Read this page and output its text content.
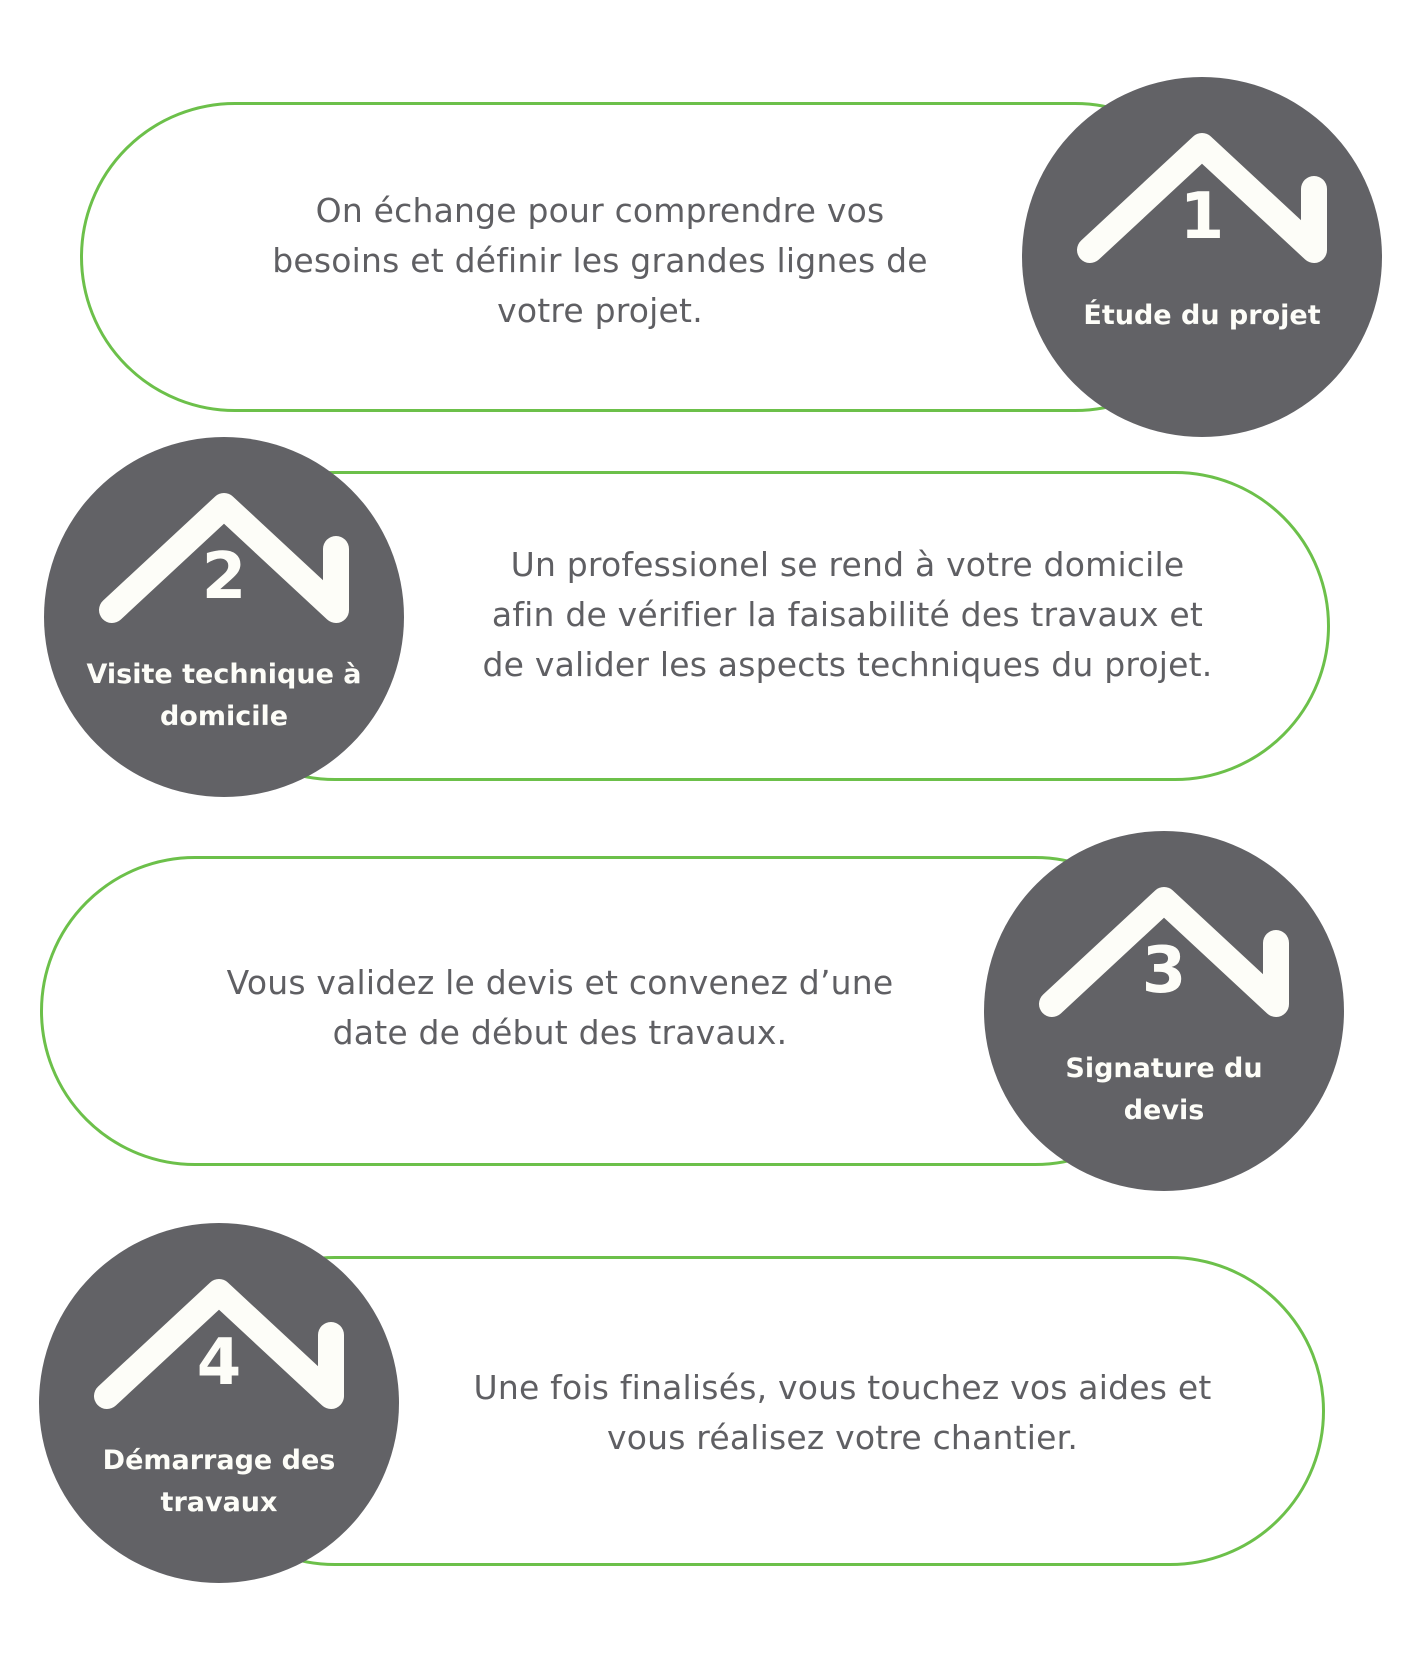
On échange pour comprendre vos
besoins et définir les grandes lignes de
votre projet.

1
Étude du projet

Un professionel se rend à votre domicile
afin de vérifier la faisabilité des travaux et
de valider les aspects techniques du projet.

2
Visite technique à
domicile

Vous validez le devis et convenez d’une
date de début des travaux.

3
Signature du
devis

Une fois finalisés, vous touchez vos aides et
vous réalisez votre chantier.

4
Démarrage des
travaux
